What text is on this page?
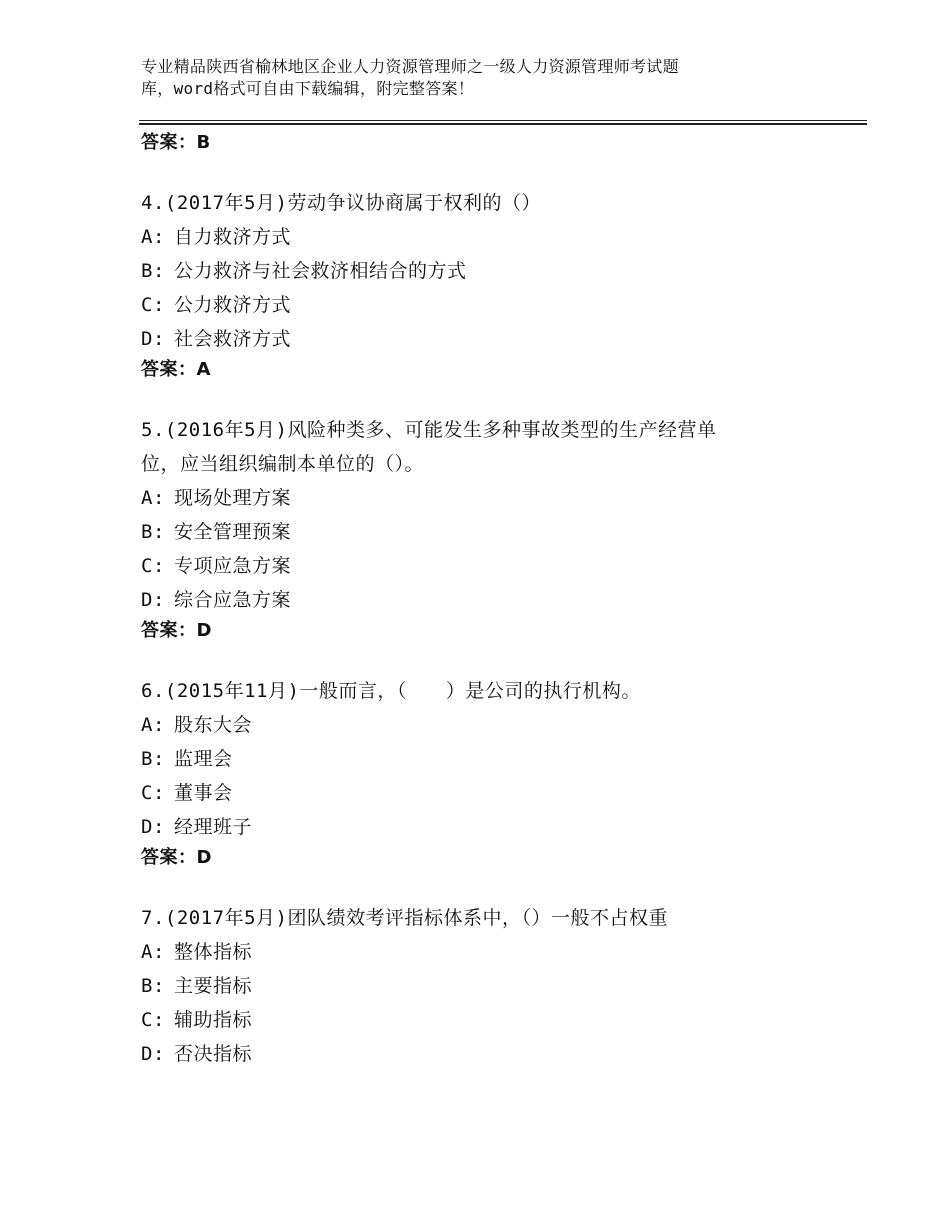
专业精品陕西省榆林地区企业人力资源管理师之一级人力资源管理师考试题
库，word格式可自由下载编辑，附完整答案！
答案：B
4.(2017年5月)劳动争议协商属于权利的（）
A: 自力救济方式
B: 公力救济与社会救济相结合的方式
C: 公力救济方式
D: 社会救济方式
答案：A
5.(2016年5月)风险种类多、可能发生多种事故类型的生产经营单
位，应当组织编制本单位的（）。
A: 现场处理方案
B: 安全管理预案
C: 专项应急方案
D: 综合应急方案
答案：D
6.(2015年11月)一般而言，（　　）是公司的执行机构。
A: 股东大会
B: 监理会
C: 董事会
D: 经理班子
答案：D
7.(2017年5月)团队绩效考评指标体系中，（）一般不占权重
A: 整体指标
B: 主要指标
C: 辅助指标
D: 否决指标
